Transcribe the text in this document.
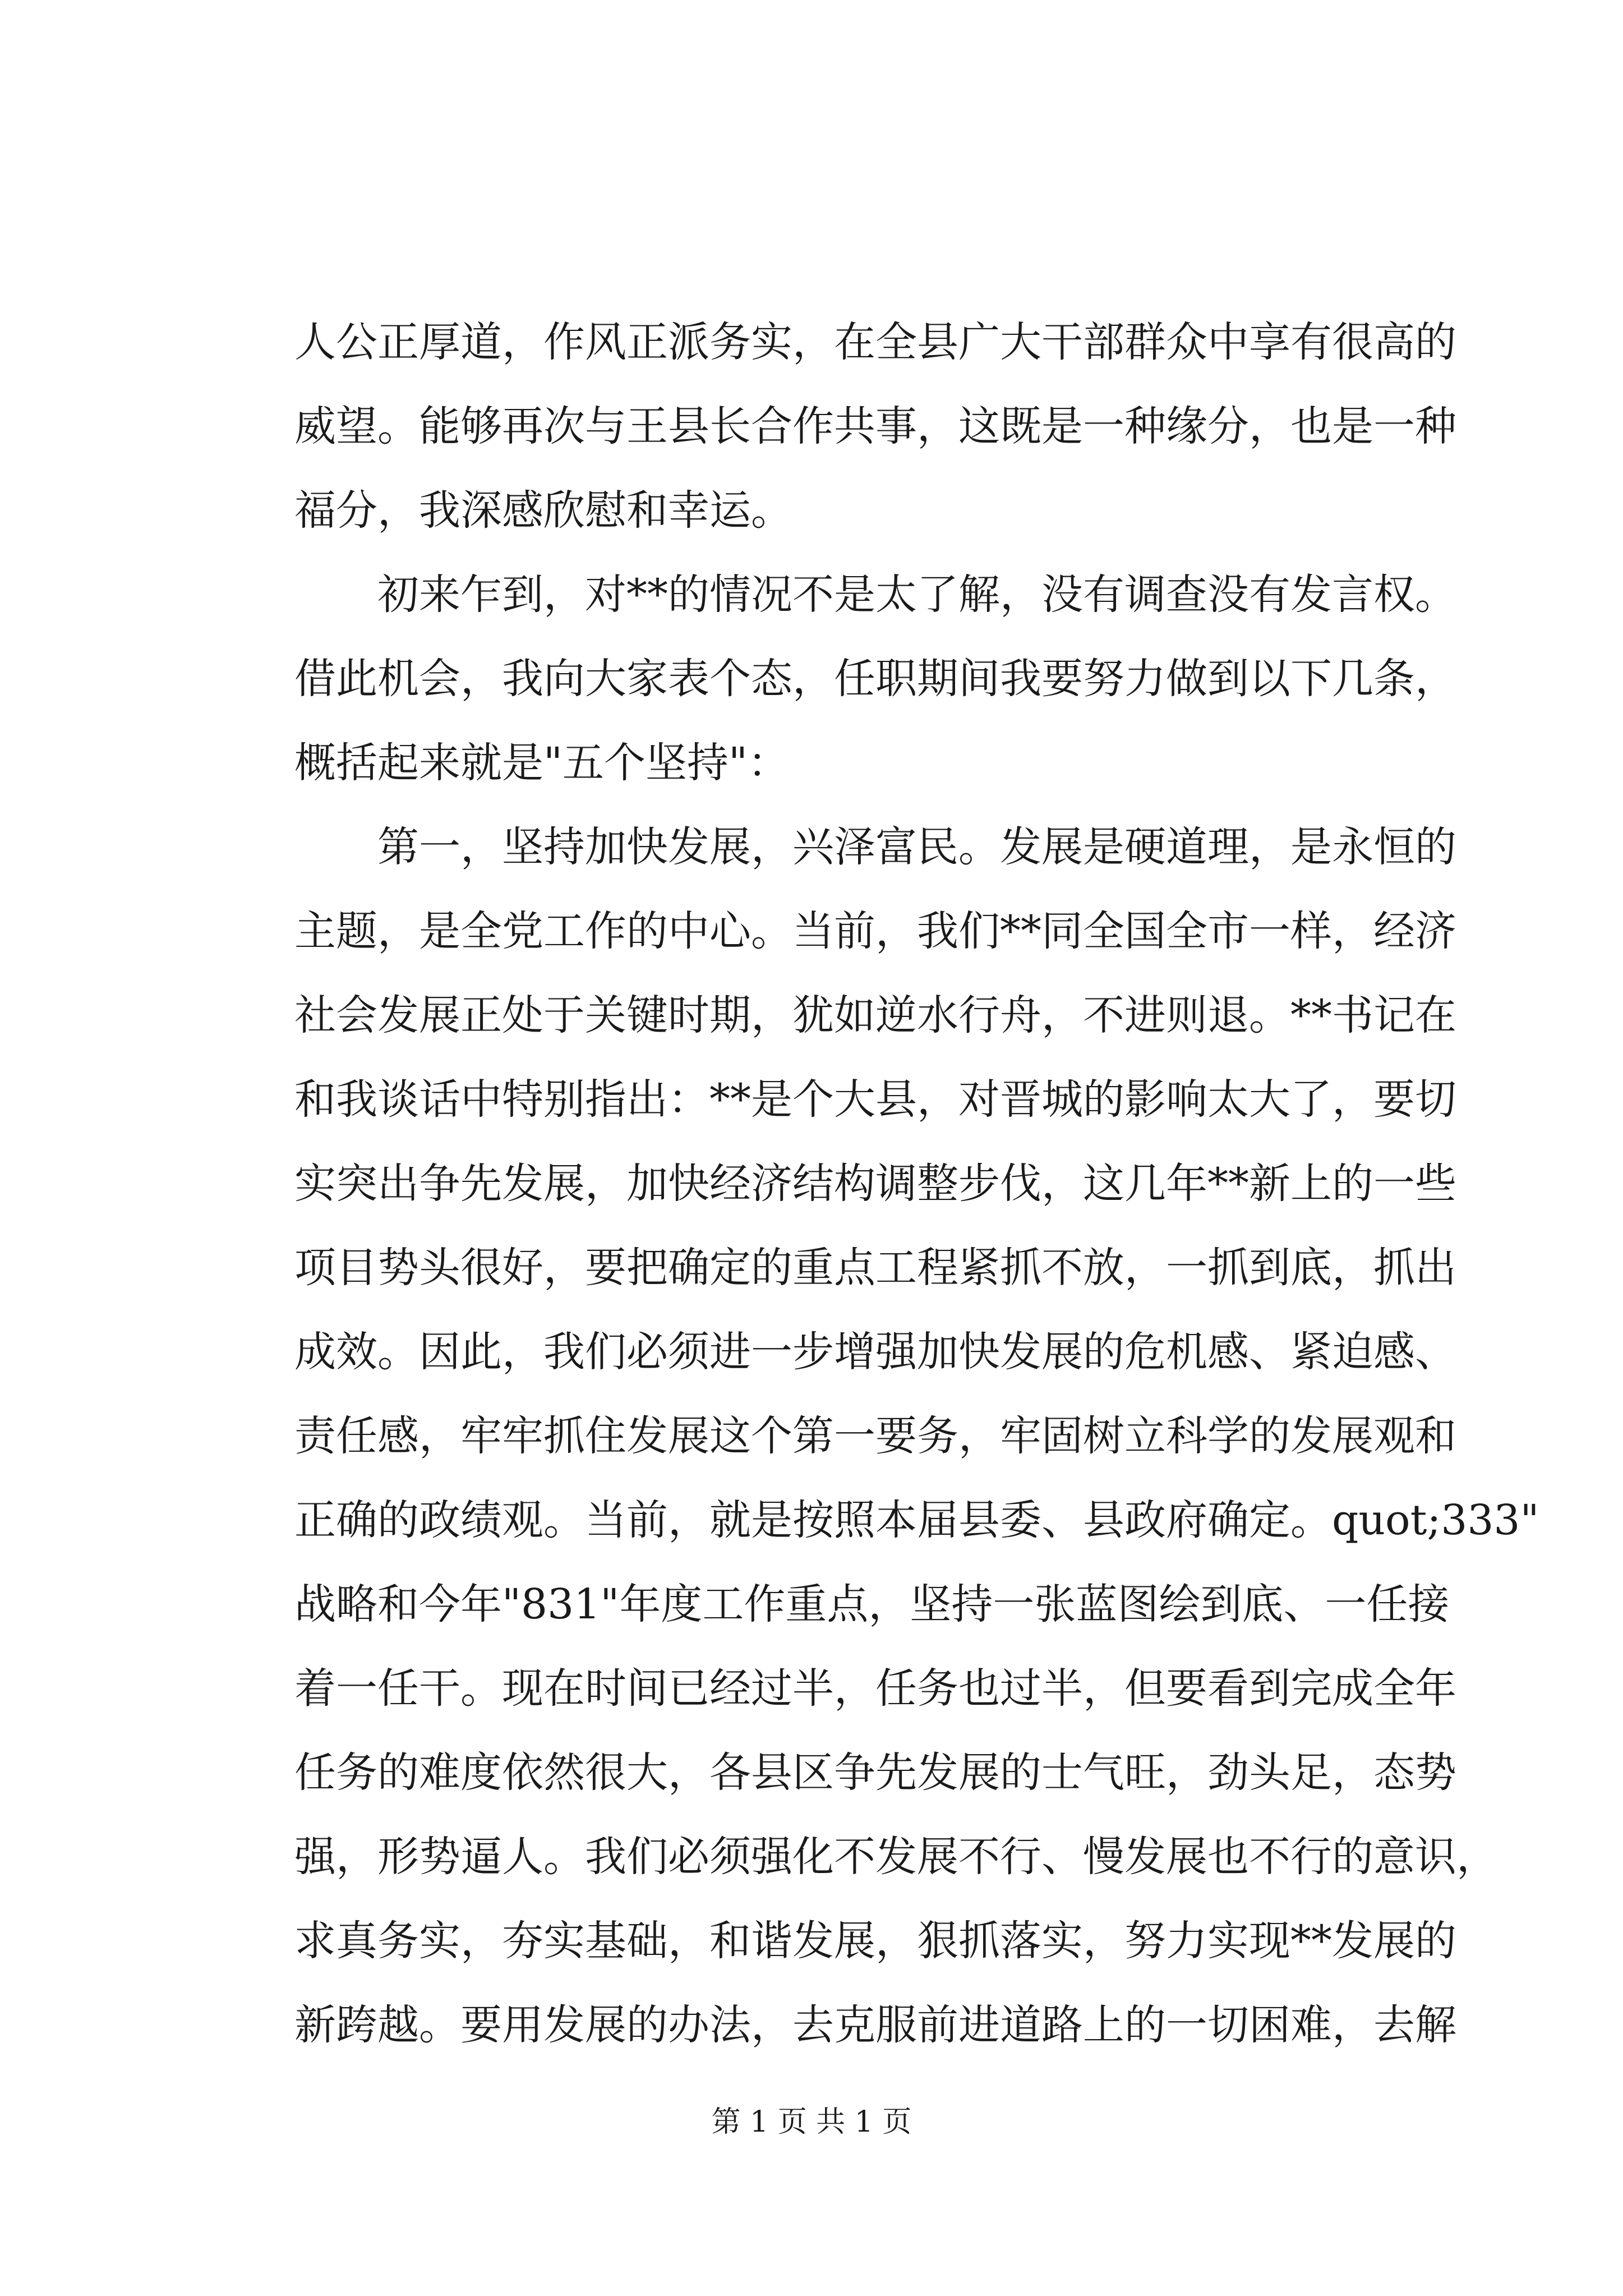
人公正厚道，作风正派务实，在全县广大干部群众中享有很高的
威望。能够再次与王县长合作共事，这既是一种缘分，也是一种
福分，我深感欣慰和幸运。
初来乍到，对**的情况不是太了解，没有调查没有发言权。
借此机会，我向大家表个态，任职期间我要努力做到以下几条，
概括起来就是"五个坚持"：
第一，坚持加快发展，兴泽富民。发展是硬道理，是永恒的
主题，是全党工作的中心。当前，我们**同全国全市一样，经济
社会发展正处于关键时期，犹如逆水行舟，不进则退。**书记在
和我谈话中特别指出：**是个大县，对晋城的影响太大了，要切
实突出争先发展，加快经济结构调整步伐，这几年**新上的一些
项目势头很好，要把确定的重点工程紧抓不放，一抓到底，抓出
成效。因此，我们必须进一步增强加快发展的危机感、紧迫感、
责任感，牢牢抓住发展这个第一要务，牢固树立科学的发展观和
正确的政绩观。当前，就是按照本届县委、县政府确定。quot;333"
战略和今年"831"年度工作重点，坚持一张蓝图绘到底、一任接
着一任干。现在时间已经过半，任务也过半，但要看到完成全年
任务的难度依然很大，各县区争先发展的士气旺，劲头足，态势
强，形势逼人。我们必须强化不发展不行、慢发展也不行的意识，
求真务实，夯实基础，和谐发展，狠抓落实，努力实现**发展的
新跨越。要用发展的办法，去克服前进道路上的一切困难，去解
第 1 页 共 1 页
